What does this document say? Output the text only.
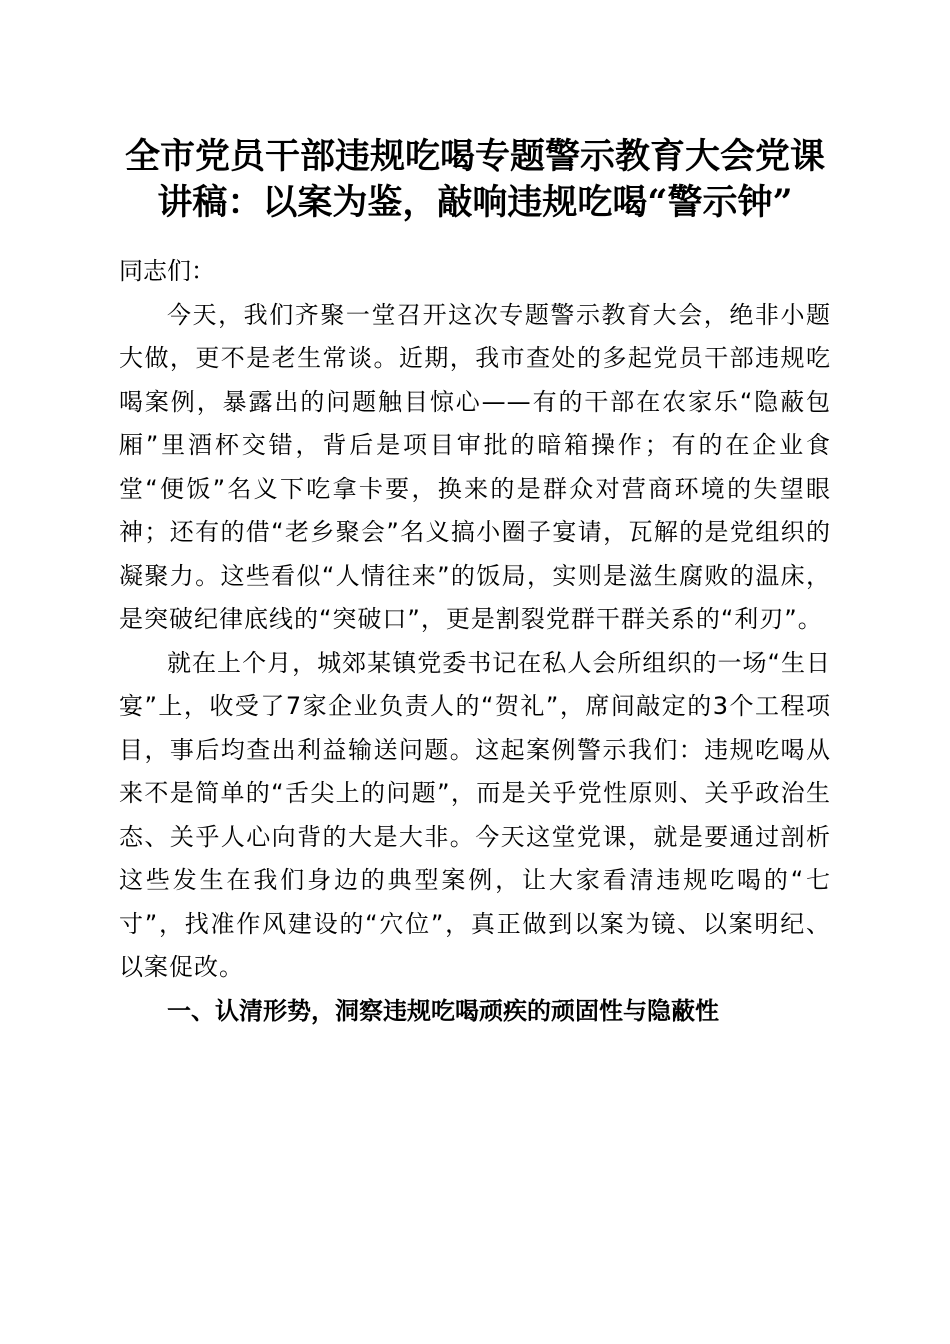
全市党员干部违规吃喝专题警示教育大会党课
讲稿：以案为鉴，敲响违规吃喝“警示钟”

同志们：

今天，我们齐聚一堂召开这次专题警示教育大会，绝非小题大做，更不是老生常谈。近期，我市查处的多起党员干部违规吃喝案例，暴露出的问题触目惊心——有的干部在农家乐“隐蔽包厢”里酒杯交错，背后是项目审批的暗箱操作；有的在企业食堂“便饭”名义下吃拿卡要，换来的是群众对营商环境的失望眼神；还有的借“老乡聚会”名义搞小圈子宴请，瓦解的是党组织的凝聚力。这些看似“人情往来”的饭局，实则是滋生腐败的温床，是突破纪律底线的“突破口”，更是割裂党群干群关系的“利刃”。

就在上个月，城郊某镇党委书记在私人会所组织的一场“生日宴”上，收受了7家企业负责人的“贺礼”，席间敲定的3个工程项目，事后均查出利益输送问题。这起案例警示我们：违规吃喝从来不是简单的“舌尖上的问题”，而是关乎党性原则、关乎政治生态、关乎人心向背的大是大非。今天这堂党课，就是要通过剖析这些发生在我们身边的典型案例，让大家看清违规吃喝的“七寸”，找准作风建设的“穴位”，真正做到以案为镜、以案明纪、以案促改。

一、认清形势，洞察违规吃喝顽疾的顽固性与隐蔽性
